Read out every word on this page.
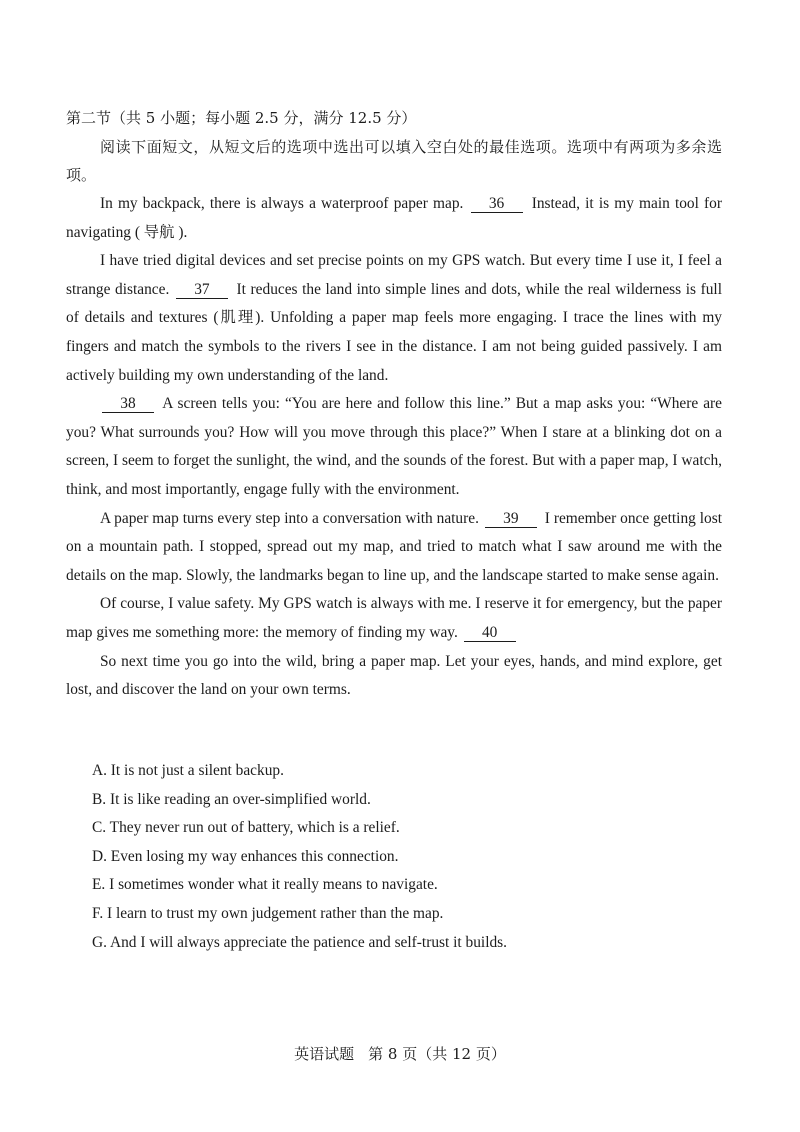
第二节（共 5 小题；每小题 2.5 分，满分 12.5 分）
阅读下面短文，从短文后的选项中选出可以填入空白处的最佳选项。选项中有两项为多余选项。

In my backpack, there is always a waterproof paper map. 36 Instead, it is my main tool for navigating ( 导航 ).

I have tried digital devices and set precise points on my GPS watch. But every time I use it, I feel a strange distance. 37 It reduces the land into simple lines and dots, while the real wilderness is full of details and textures (肌理). Unfolding a paper map feels more engaging. I trace the lines with my fingers and match the symbols to the rivers I see in the distance. I am not being guided passively. I am actively building my own understanding of the land.

38 A screen tells you: “You are here and follow this line.” But a map asks you: “Where are you? What surrounds you? How will you move through this place?” When I stare at a blinking dot on a screen, I seem to forget the sunlight, the wind, and the sounds of the forest. But with a paper map, I watch, think, and most importantly, engage fully with the environment.

A paper map turns every step into a conversation with nature. 39 I remember once getting lost on a mountain path. I stopped, spread out my map, and tried to match what I saw around me with the details on the map. Slowly, the landmarks began to line up, and the landscape started to make sense again.

Of course, I value safety. My GPS watch is always with me. I reserve it for emergency, but the paper map gives me something more: the memory of finding my way. 40

So next time you go into the wild, bring a paper map. Let your eyes, hands, and mind explore, get lost, and discover the land on your own terms.

A. It is not just a silent backup.
B. It is like reading an over-simplified world.
C. They never run out of battery, which is a relief.
D. Even losing my way enhances this connection.
E. I sometimes wonder what it really means to navigate.
F. I learn to trust my own judgement rather than the map.
G. And I will always appreciate the patience and self-trust it builds.
英语试题 第 8 页（共 12 页）
